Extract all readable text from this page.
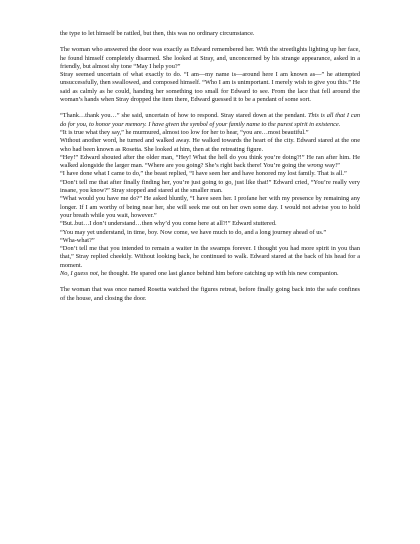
the type to let himself be rattled, but then, this was no ordinary circumstance.

The woman who answered the door was exactly as Edward remembered her. With the streetlights lighting up her face, he found himself completely disarmed. She looked at Stray, and, unconcerned by his strange appearance, asked in a friendly, but almost shy tone “May I help you?”

Stray seemed uncertain of what exactly to do. “I am—my name is—around here I am known as—” he attempted unsuccessfully, then swallowed, and composed himself. “Who I am is unimportant. I merely wish to give you this.” He said as calmly as he could, handing her something too small for Edward to see. From the lace that fell around the woman’s hands when Stray dropped the item there, Edward guessed it to be a pendant of some sort.

“Thank…thank you…” she said, uncertain of how to respond. Stray stared down at the pendant. This is all that I can do for you, to honor your memory. I have given the symbol of your family name to the purest spirit in existence.

“It is true what they say,” he murmured, almost too low for her to hear, “you are…most beautiful.”

Without another word, he turned and walked away. He walked towards the heart of the city. Edward stared at the one who had been known as Rosetta. She looked at him, then at the retreating figure.

“Hey!” Edward shouted after the older man, “Hey! What the hell do you think you’re doing?!” He ran after him. He walked alongside the larger man. “Where are you going? She’s right back there! You’re going the wrong way!”

“I have done what I came to do,” the beast replied, “I have seen her and have honored my lost family. That is all.”

“Don’t tell me that after finally finding her, you’re just going to go, just like that!” Edward cried, “You’re really very insane, you know?” Stray stopped and stared at the smaller man.

“What would you have me do?” He asked bluntly, “I have seen her. I profane her with my presence by remaining any longer. If I am worthy of being near her, she will seek me out on her own some day. I would not advise you to hold your breath while you wait, however.”

“But..but…I don’t understand…then why’d you come here at all?!” Edward stuttered.

“You may yet understand, in time, boy. Now come, we have much to do, and a long journey ahead of us.”

“Wha-what?”

“Don’t tell me that you intended to remain a waiter in the swamps forever. I thought you had more spirit in you than that,” Stray replied cheekily. Without looking back, he continued to walk. Edward stared at the back of his head for a moment.

No, I guess not, he thought. He spared one last glance behind him before catching up with his new companion.

The woman that was once named Rosetta watched the figures retreat, before finally going back into the safe confines of the house, and closing the door.
